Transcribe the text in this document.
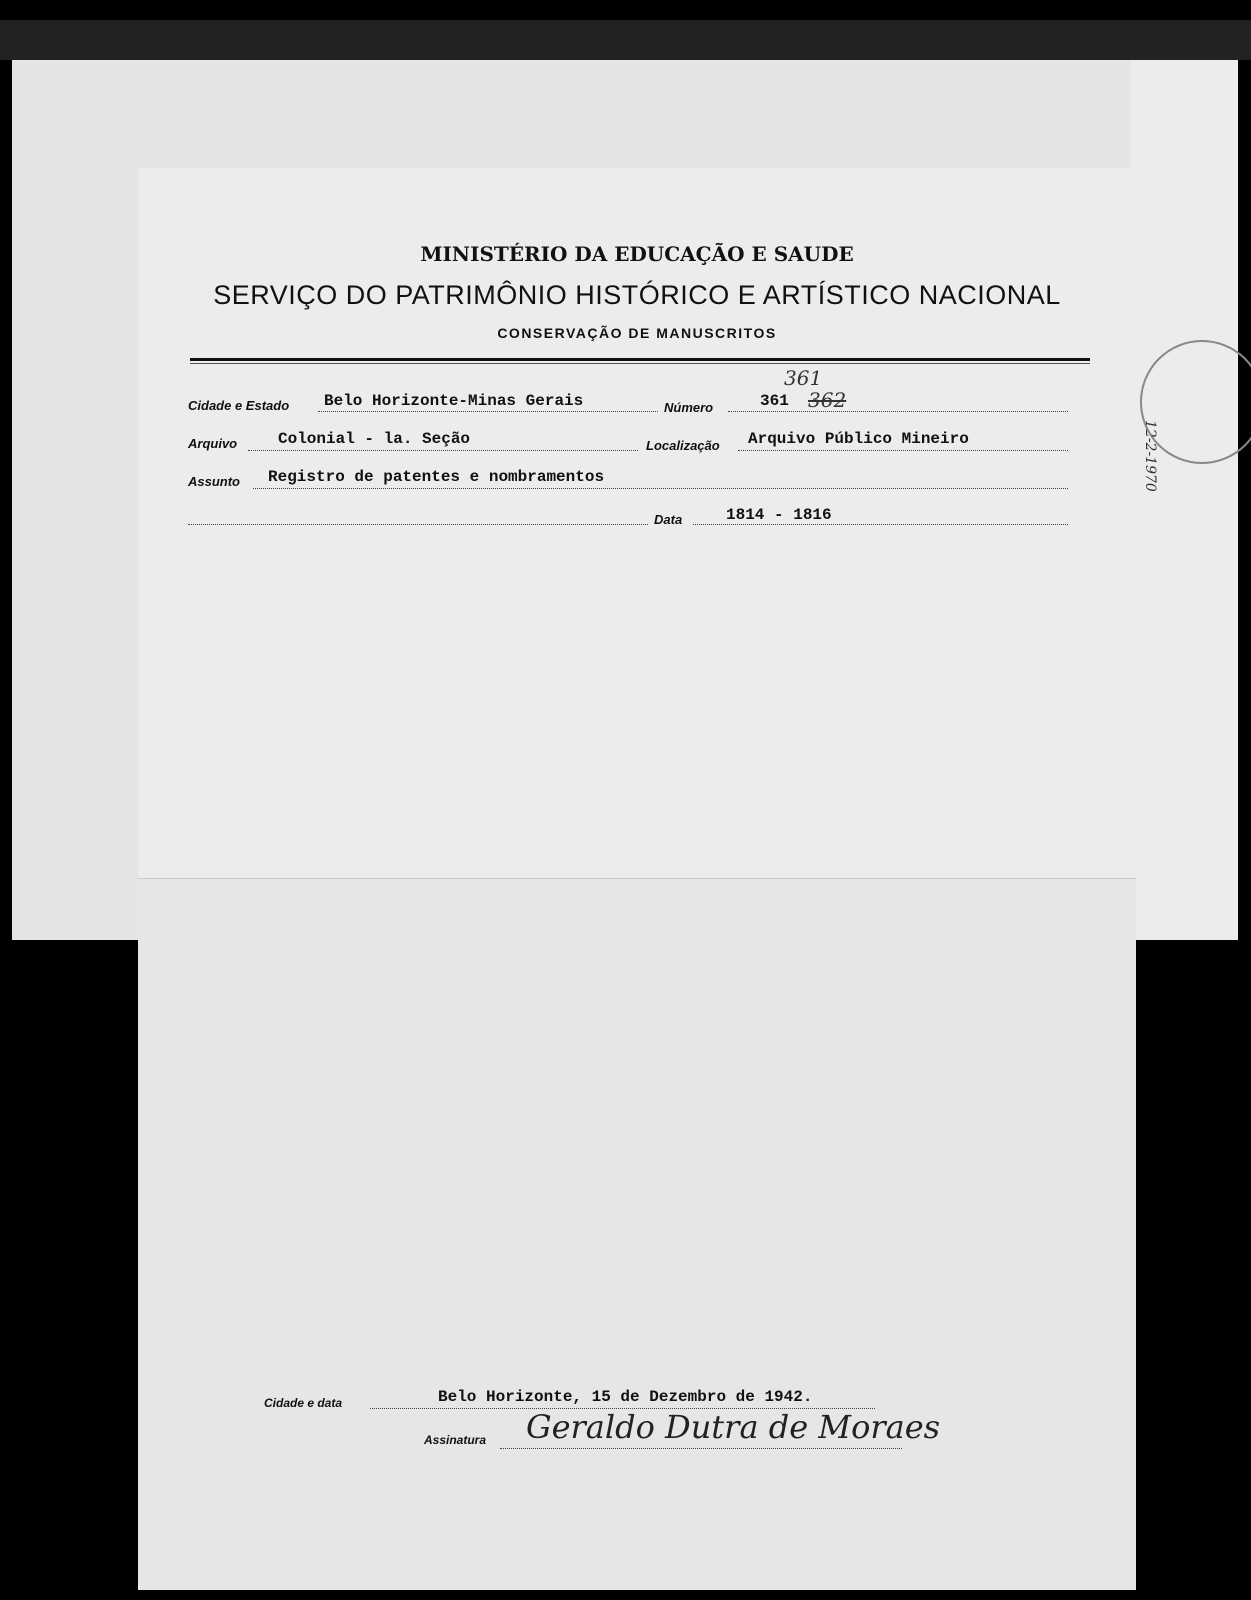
12-2-1970
MINISTÉRIO DA EDUCAÇÃO E SAUDE
SERVIÇO DO PATRIMÔNIO HISTÓRICO E ARTÍSTICO NACIONAL
CONSERVAÇÃO DE MANUSCRITOS
Cidade e Estado Belo Horizonte-Minas Gerais	Número	361 362
361
Arquivo	Colonial - la. Seção	Localização Arquivo Público Mineiro
Assunto Registro de patentes e nombramentos
Data	1814 - 1816
Cidade e data	Belo Horizonte, 15 de Dezembro de 1942.
Assinatura Geraldo Dutra de Moraes
